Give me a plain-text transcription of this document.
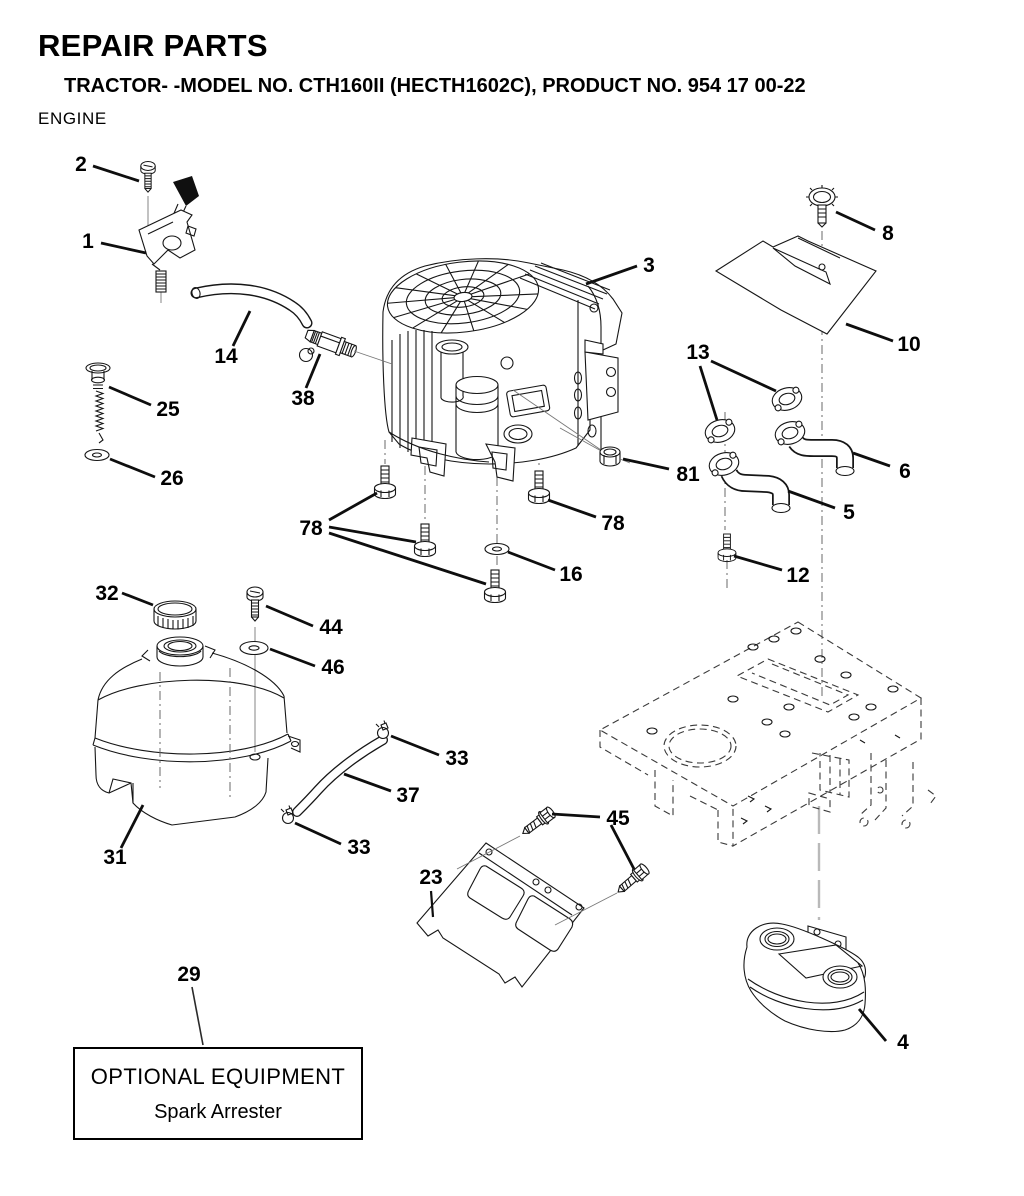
REPAIR PARTS
TRACTOR- -MODEL NO. CTH160II (HECTH1602C), PRODUCT NO. 954 17 00-22
ENGINE
2
1
14
38
25
26
3
8
10
13
6
5
81
12
78	78
16
32
44
46
33
37
33
31
23
45
29
4
OPTIONAL EQUIPMENT
Spark Arrester
